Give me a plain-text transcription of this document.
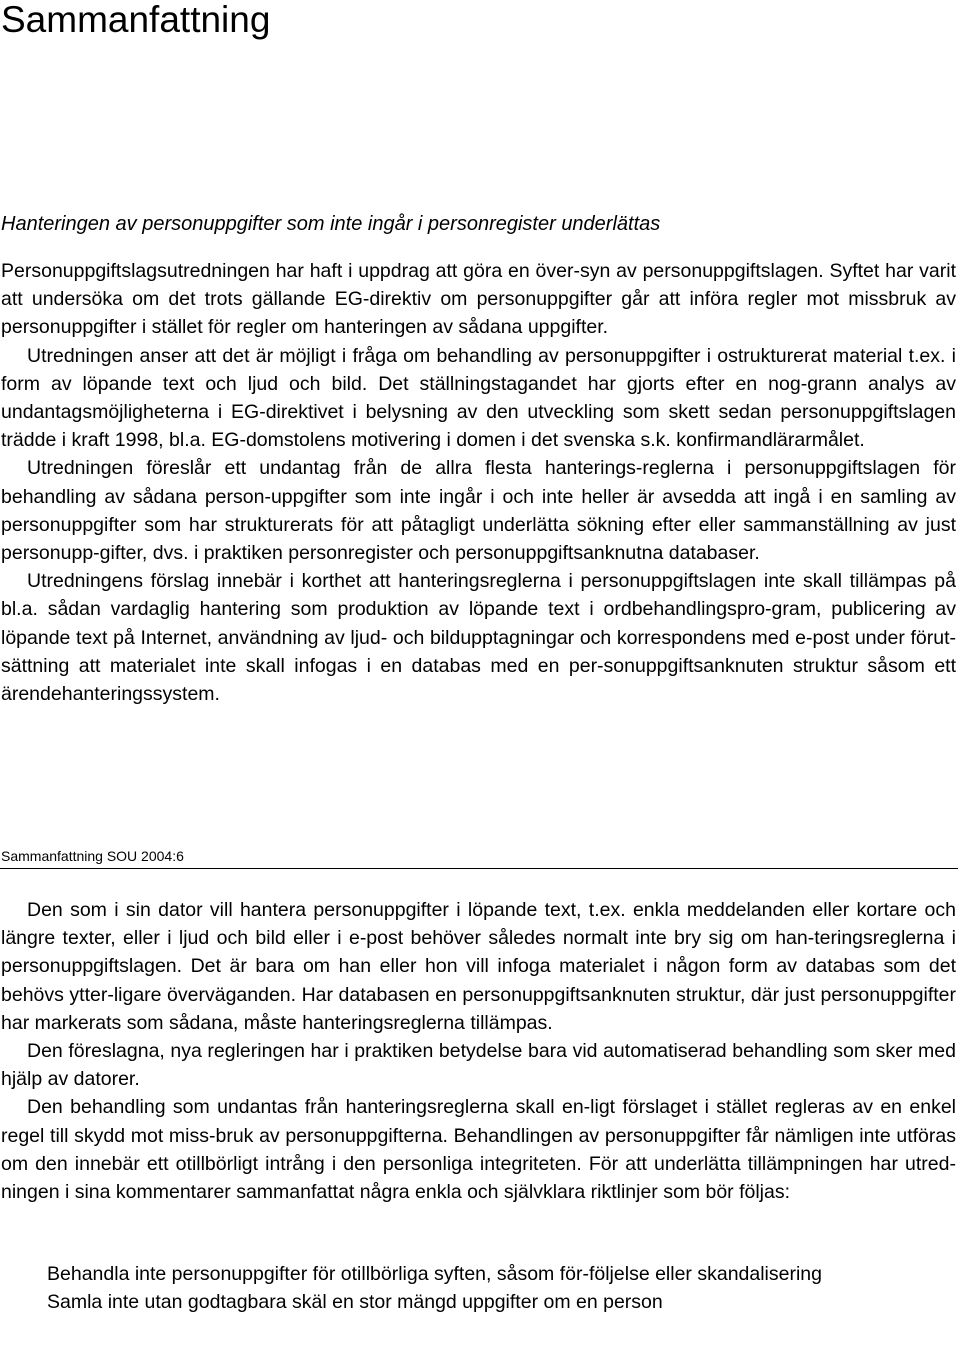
Sammanfattning
Hanteringen av personuppgifter som inte ingår i personregister underlättas

Personuppgiftslagsutredningen har haft i uppdrag att göra en över-syn av personuppgiftslagen. Syftet har varit att undersöka om det trots gällande EG-direktiv om personuppgifter går att införa regler mot missbruk av personuppgifter i stället för regler om hanteringen av sådana uppgifter.

Utredningen anser att det är möjligt i fråga om behandling av personuppgifter i ostrukturerat material t.ex. i form av löpande text och ljud och bild. Det ställningstagandet har gjorts efter en nog-grann analys av undantagsmöjligheterna i EG-direktivet i belysning av den utveckling som skett sedan personuppgiftslagen trädde i kraft 1998, bl.a. EG-domstolens motivering i domen i det svenska s.k. konfirmandlärarmålet.

Utredningen föreslår ett undantag från de allra flesta hanterings-reglerna i personuppgiftslagen för behandling av sådana person-uppgifter som inte ingår i och inte heller är avsedda att ingå i en samling av personuppgifter som har strukturerats för att påtagligt underlätta sökning efter eller sammanställning av just personupp-gifter, dvs. i praktiken personregister och personuppgiftsanknutna databaser.

Utredningens förslag innebär i korthet att hanteringsreglerna i personuppgiftslagen inte skall tillämpas på bl.a. sådan vardaglig hantering som produktion av löpande text i ordbehandlingspro-gram, publicering av löpande text på Internet, användning av ljud- och bildupptagningar och korrespondens med e-post under förut-sättning att materialet inte skall infogas i en databas med en per-sonuppgiftsanknuten struktur såsom ett ärendehanteringssystem.

Sammanfattning SOU 2004:6

Den som i sin dator vill hantera personuppgifter i löpande text, t.ex. enkla meddelanden eller kortare och längre texter, eller i ljud och bild eller i e-post behöver således normalt inte bry sig om han-teringsreglerna i personuppgiftslagen. Det är bara om han eller hon vill infoga materialet i någon form av databas som det behövs ytter-ligare överväganden. Har databasen en personuppgiftsanknuten struktur, där just personuppgifter har markerats som sådana, måste hanteringsreglerna tillämpas.

Den föreslagna, nya regleringen har i praktiken betydelse bara vid automatiserad behandling som sker med hjälp av datorer.

Den behandling som undantas från hanteringsreglerna skall en-ligt förslaget i stället regleras av en enkel regel till skydd mot miss-bruk av personuppgifterna. Behandlingen av personuppgifter får nämligen inte utföras om den innebär ett otillbörligt intrång i den personliga integriteten. För att underlätta tillämpningen har utred-ningen i sina kommentarer sammanfattat några enkla och självklara riktlinjer som bör följas:

Behandla inte personuppgifter för otillbörliga syften, såsom för-följelse eller skandalisering

Samla inte utan godtagbara skäl en stor mängd uppgifter om en person
